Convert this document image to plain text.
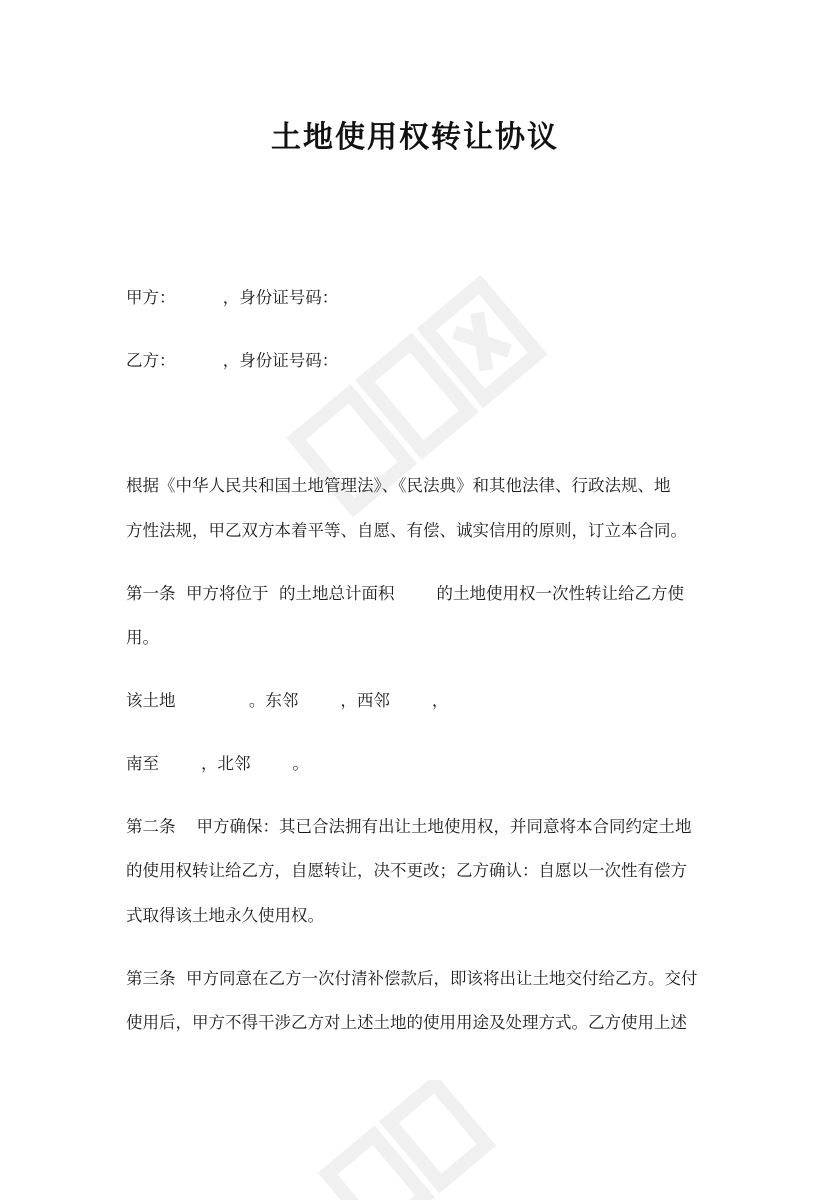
土地使用权转让协议
甲方：         ，身份证号码：
乙方：         ，身份证号码：
根据《中华人民共和国土地管理法》、《民法典》和其他法律、行政法规、地
方性法规，甲乙双方本着平等、自愿、有偿、诚实信用的原则，订立本合同。
第一条  甲方将位于  的土地总计面积        的土地使用权一次性转让给乙方使
用。
该土地              。东邻        ，西邻        ，
南至        ，北邻        。
第二条    甲方确保：其已合法拥有出让土地使用权，并同意将本合同约定土地
的使用权转让给乙方，自愿转让，决不更改；乙方确认：自愿以一次性有偿方
式取得该土地永久使用权。
第三条  甲方同意在乙方一次付清补偿款后，即该将出让土地交付给乙方。交付
使用后，甲方不得干涉乙方对上述土地的使用用途及处理方式。乙方使用上述
